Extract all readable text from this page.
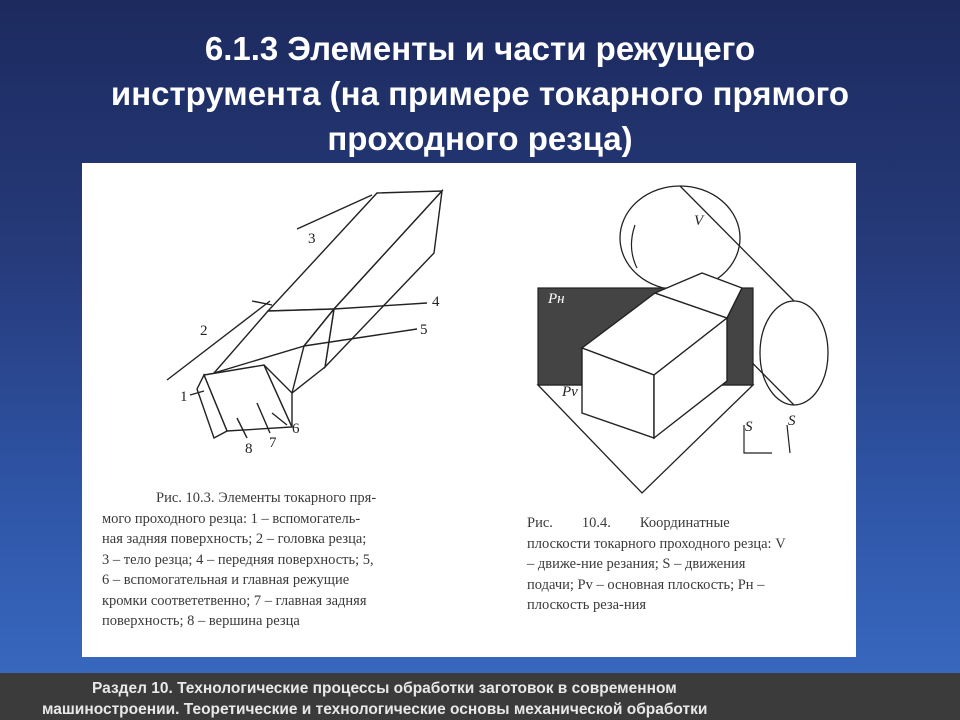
6.1.3 Элементы и части режущего
инструмента (на примере токарного прямого
проходного резца)
1
2
3
4
5
6
7
8
V
Pн
Pv
S S
Рис. 10.3. Элементы токарного пря-
мого проходного резца: 1 – вспомогатель-
ная задняя поверхность; 2 – головка резца;
3 – тело резца; 4 – передняя поверхность; 5,
6 – вспомогательная и главная режущие
кромки соответетвенно; 7 – главная задняя
поверхность; 8 – вершина резца
Рис.        10.4.        Координатные
плоскости токарного проходного резца: V
– движе-ние резания; S – движения
подачи; Pv – основная плоскость; Pн –
плоскость реза-ния
Раздел 10. Технологические процессы обработки заготовок в современном
машиностроении. Теоретические и технологические основы механической обработки
